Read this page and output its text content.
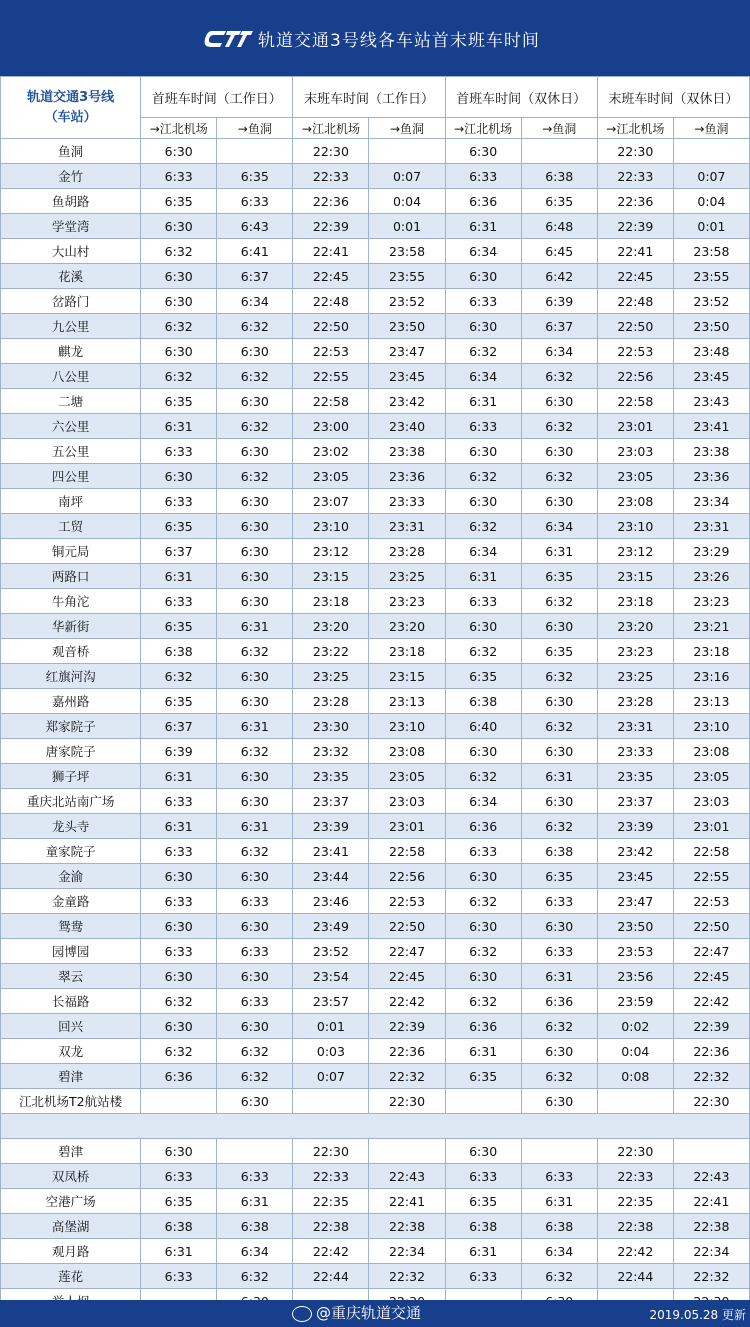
轨道交通3号线各车站首末班车时间
轨道交通3号线
（车站）	首班车时间（工作日）		末班车时间（工作日）		首班车时间（双休日）		末班车时间（双休日）	
	→江北机场	→鱼洞	→江北机场	→鱼洞	→江北机场	→鱼洞	→江北机场	→鱼洞
鱼洞	6:30		22:30		6:30		22:30	
金竹	6:33	6:35	22:33	0:07	6:33	6:38	22:33	0:07
鱼胡路	6:35	6:33	22:36	0:04	6:36	6:35	22:36	0:04
学堂湾	6:30	6:43	22:39	0:01	6:31	6:48	22:39	0:01
大山村	6:32	6:41	22:41	23:58	6:34	6:45	22:41	23:58
花溪	6:30	6:37	22:45	23:55	6:30	6:42	22:45	23:55
岔路门	6:30	6:34	22:48	23:52	6:33	6:39	22:48	23:52
九公里	6:32	6:32	22:50	23:50	6:30	6:37	22:50	23:50
麒龙	6:30	6:30	22:53	23:47	6:32	6:34	22:53	23:48
八公里	6:32	6:32	22:55	23:45	6:34	6:32	22:56	23:45
二塘	6:35	6:30	22:58	23:42	6:31	6:30	22:58	23:43
六公里	6:31	6:32	23:00	23:40	6:33	6:32	23:01	23:41
五公里	6:33	6:30	23:02	23:38	6:30	6:30	23:03	23:38
四公里	6:30	6:32	23:05	23:36	6:32	6:32	23:05	23:36
南坪	6:33	6:30	23:07	23:33	6:30	6:30	23:08	23:34
工贸	6:35	6:30	23:10	23:31	6:32	6:34	23:10	23:31
铜元局	6:37	6:30	23:12	23:28	6:34	6:31	23:12	23:29
两路口	6:31	6:30	23:15	23:25	6:31	6:35	23:15	23:26
牛角沱	6:33	6:30	23:18	23:23	6:33	6:32	23:18	23:23
华新街	6:35	6:31	23:20	23:20	6:30	6:30	23:20	23:21
观音桥	6:38	6:32	23:22	23:18	6:32	6:35	23:23	23:18
红旗河沟	6:32	6:30	23:25	23:15	6:35	6:32	23:25	23:16
嘉州路	6:35	6:30	23:28	23:13	6:38	6:30	23:28	23:13
郑家院子	6:37	6:31	23:30	23:10	6:40	6:32	23:31	23:10
唐家院子	6:39	6:32	23:32	23:08	6:30	6:30	23:33	23:08
狮子坪	6:31	6:30	23:35	23:05	6:32	6:31	23:35	23:05
重庆北站南广场	6:33	6:30	23:37	23:03	6:34	6:30	23:37	23:03
龙头寺	6:31	6:31	23:39	23:01	6:36	6:32	23:39	23:01
童家院子	6:33	6:32	23:41	22:58	6:33	6:38	23:42	22:58
金渝	6:30	6:30	23:44	22:56	6:30	6:35	23:45	22:55
金童路	6:33	6:33	23:46	22:53	6:32	6:33	23:47	22:53
鸳鸯	6:30	6:30	23:49	22:50	6:30	6:30	23:50	22:50
园博园	6:33	6:33	23:52	22:47	6:32	6:33	23:53	22:47
翠云	6:30	6:30	23:54	22:45	6:30	6:31	23:56	22:45
长福路	6:32	6:33	23:57	22:42	6:32	6:36	23:59	22:42
回兴	6:30	6:30	0:01	22:39	6:36	6:32	0:02	22:39
双龙	6:32	6:32	0:03	22:36	6:31	6:30	0:04	22:36
碧津	6:36	6:32	0:07	22:32	6:35	6:32	0:08	22:32
江北机场T2航站楼		6:30		22:30		6:30		22:30

碧津	6:30		22:30		6:30		22:30	
双凤桥	6:33	6:33	22:33	22:43	6:33	6:33	22:33	22:43
空港广场	6:35	6:31	22:35	22:41	6:35	6:31	22:35	22:41
高堡湖	6:38	6:38	22:38	22:38	6:38	6:38	22:38	22:38
观月路	6:31	6:34	22:42	22:34	6:31	6:34	22:42	22:34
莲花	6:33	6:32	22:44	22:32	6:33	6:32	22:44	22:32

@重庆轨道交通	2019.05.28 更新
